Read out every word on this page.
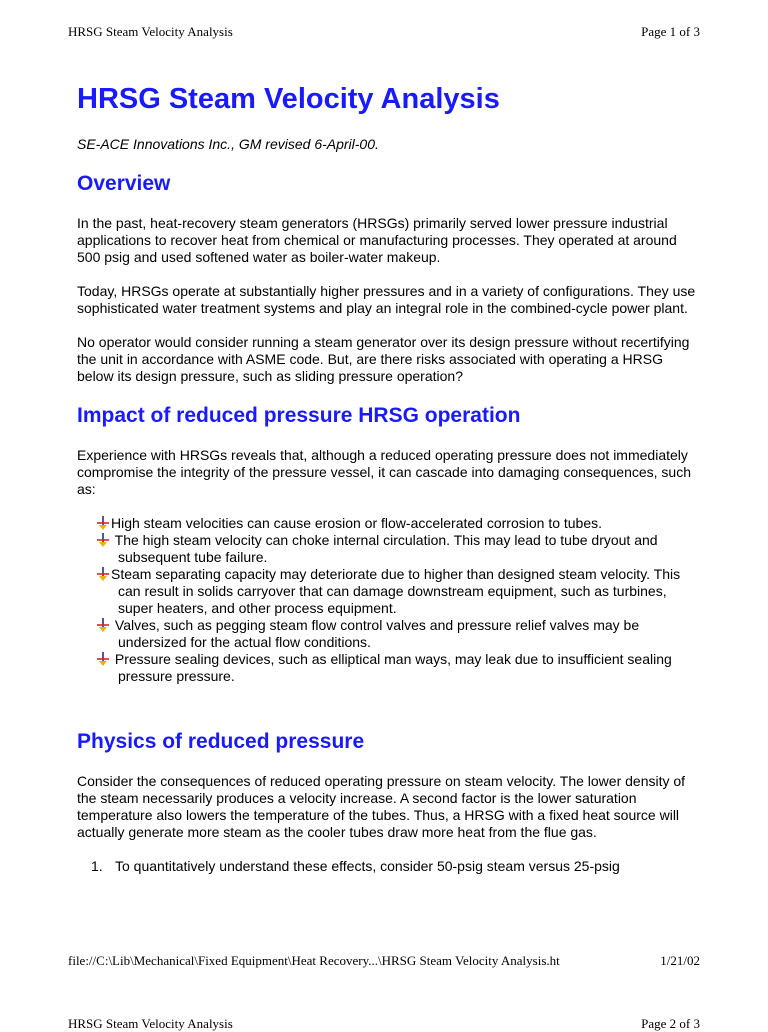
HRSG Steam Velocity Analysis	Page 1 of 3
HRSG Steam Velocity Analysis

SE-ACE Innovations Inc., GM revised 6-April-00.

Overview

In the past, heat-recovery steam generators (HRSGs) primarily served lower pressure industrial applications to recover heat from chemical or manufacturing processes. They operated at around 500 psig and used softened water as boiler-water makeup.

Today, HRSGs operate at substantially higher pressures and in a variety of configurations. They use sophisticated water treatment systems and play an integral role in the combined-cycle power plant.

No operator would consider running a steam generator over its design pressure without recertifying the unit in accordance with ASME code. But, are there risks associated with operating a HRSG below its design pressure, such as sliding pressure operation?

Impact of reduced pressure HRSG operation

Experience with HRSGs reveals that, although a reduced operating pressure does not immediately compromise the integrity of the pressure vessel, it can cascade into damaging consequences, such as:

High steam velocities can cause erosion or flow-accelerated corrosion to tubes.
The high steam velocity can choke internal circulation. This may lead to tube dryout and subsequent tube failure.
Steam separating capacity may deteriorate due to higher than designed steam velocity. This can result in solids carryover that can damage downstream equipment, such as turbines, super heaters, and other process equipment.
Valves, such as pegging steam flow control valves and pressure relief valves may be undersized for the actual flow conditions.
Pressure sealing devices, such as elliptical man ways, may leak due to insufficient sealing pressure pressure.
Physics of reduced pressure

Consider the consequences of reduced operating pressure on steam velocity. The lower density of the steam necessarily produces a velocity increase. A second factor is the lower saturation temperature also lowers the temperature of the tubes. Thus, a HRSG with a fixed heat source will actually generate more steam as the cooler tubes draw more heat from the flue gas.

1. To quantitatively understand these effects, consider 50-psig steam versus 25-psig
file://C:\Lib\Mechanical\Fixed Equipment\Heat Recovery...\HRSG Steam Velocity Analysis.ht	1/21/02
HRSG Steam Velocity Analysis	Page 2 of 3
